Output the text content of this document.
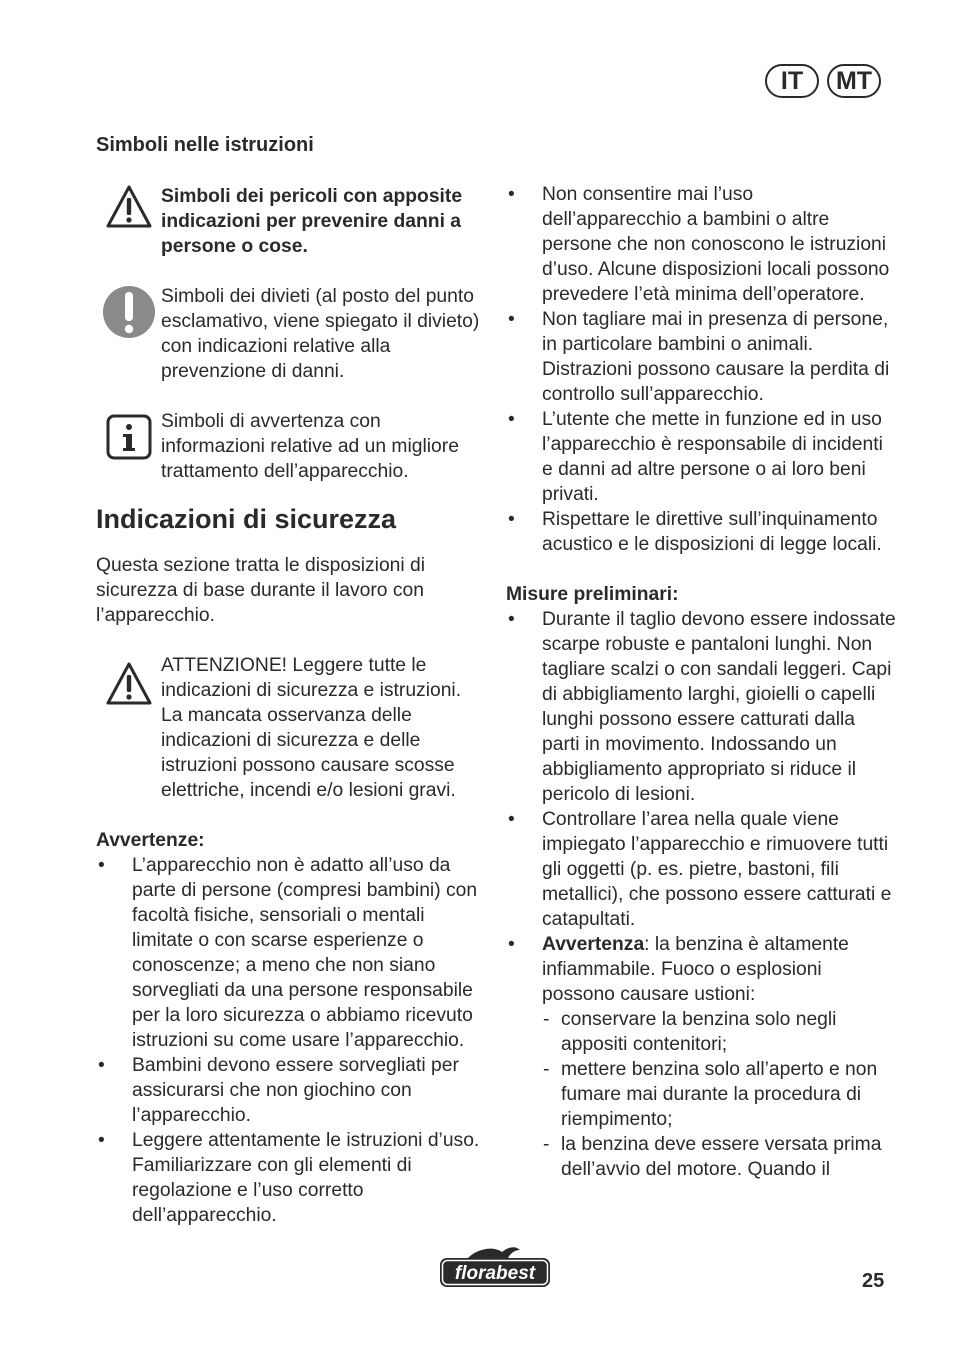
IT	MT
Simboli nelle istruzioni
Simboli dei pericoli con apposite indicazioni per prevenire danni a persone o cose.
Simboli dei divieti (al posto del punto esclamativo, viene spiegato il divieto) con indicazioni relative alla prevenzione di danni.
Simboli di avvertenza con informazioni relative ad un migliore trattamento dell’apparecchio.
Indicazioni di sicurezza

Questa sezione tratta le disposizioni di sicurezza di base durante il lavoro con l’apparecchio.

ATTENZIONE! Leggere tutte le indicazioni di sicurezza e istruzioni. La mancata osservanza delle indicazioni di sicurezza e delle istruzioni possono causare scosse elettriche, incendi e/o lesioni gravi.
Avvertenze:
• L’apparecchio non è adatto all’uso da parte di persone (compresi bambini) con facoltà fisiche, sensoriali o mentali limitate o con scarse esperienze o conoscenze; a meno che non siano sorvegliati da una persone responsabile per la loro sicurezza o abbiamo ricevuto istruzioni su come usare l’apparecchio.
• Bambini devono essere sorvegliati per assicurarsi che non giochino con l’apparecchio.
• Leggere attentamente le istruzioni d’uso. Familiarizzare con gli elementi di regolazione e l’uso corretto dell’apparecchio.
• Non consentire mai l’uso dell’apparecchio a bambini o altre persone che non conoscono le istruzioni d’uso. Alcune disposizioni locali possono prevedere l’età minima dell’operatore.
• Non tagliare mai in presenza di persone, in particolare bambini o animali. Distrazioni possono causare la perdita di controllo sull’apparecchio.
• L’utente che mette in funzione ed in uso l’apparecchio è responsabile di incidenti e danni ad altre persone o ai loro beni privati.
• Rispettare le direttive sull’inquinamento acustico e le disposizioni di legge locali.
Misure preliminari:
• Durante il taglio devono essere indossate scarpe robuste e pantaloni lunghi. Non tagliare scalzi o con sandali leggeri. Capi di abbigliamento larghi, gioielli o capelli lunghi possono essere catturati dalla parti in movimento. Indossando un abbigliamento appropriato si riduce il pericolo di lesioni.
• Controllare l’area nella quale viene impiegato l’apparecchio e rimuovere tutti gli oggetti (p. es. pietre, bastoni, fili metallici), che possono essere catturati e catapultati.
• Avvertenza: la benzina è altamente infiammabile. Fuoco o esplosioni possono causare ustioni:
- conservare la benzina solo negli appositi contenitori;
- mettere benzina solo all’aperto e non fumare mai durante la procedura di riempimento;
- la benzina deve essere versata prima dell’avvio del motore. Quando il
florabest	25
